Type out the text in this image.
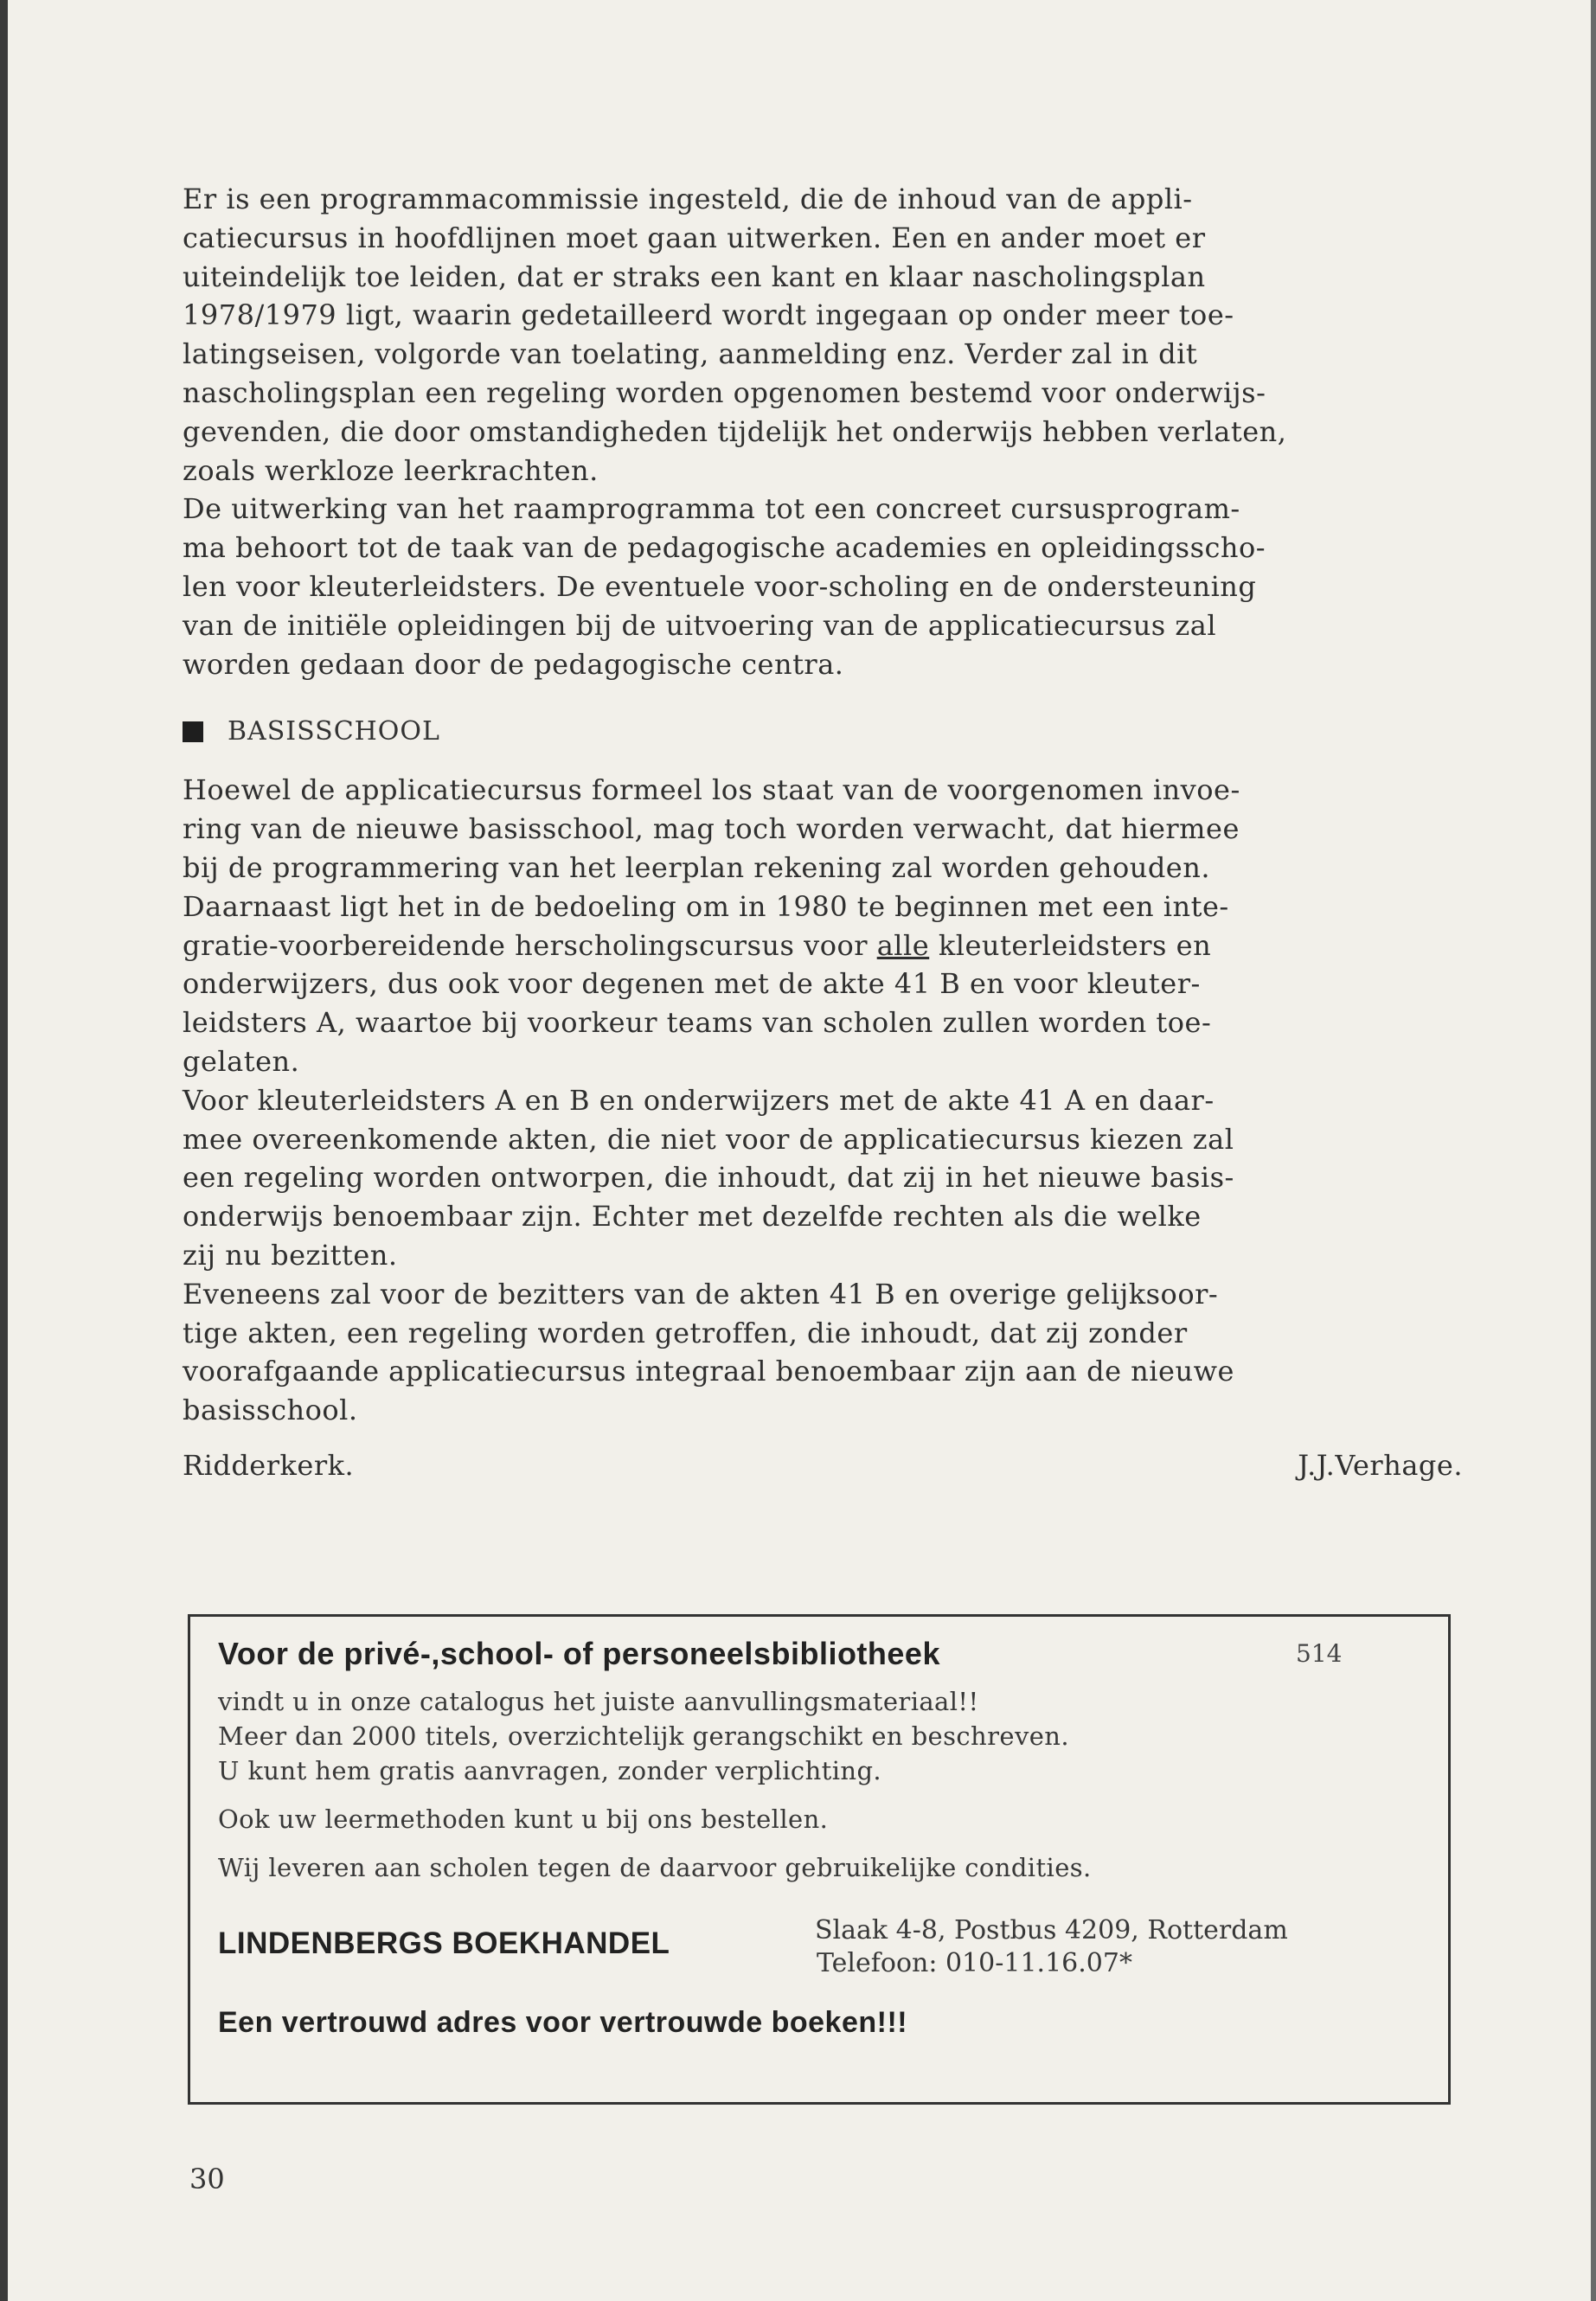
Er is een programmacommissie ingesteld, die de inhoud van de appli-
catiecursus in hoofdlijnen moet gaan uitwerken. Een en ander moet er
uiteindelijk toe leiden, dat er straks een kant en klaar nascholingsplan
1978/1979 ligt, waarin gedetailleerd wordt ingegaan op onder meer toe-
latingseisen, volgorde van toelating, aanmelding enz. Verder zal in dit
nascholingsplan een regeling worden opgenomen bestemd voor onderwijs-
gevenden, die door omstandigheden tijdelijk het onderwijs hebben verlaten,
zoals werkloze leerkrachten.

De uitwerking van het raamprogramma tot een concreet cursusprogram-
ma behoort tot de taak van de pedagogische academies en opleidingsscho-
len voor kleuterleidsters. De eventuele voor-scholing en de ondersteuning
van de initiële opleidingen bij de uitvoering van de applicatiecursus zal
worden gedaan door de pedagogische centra.

BASISSCHOOL

Hoewel de applicatiecursus formeel los staat van de voorgenomen invoe-
ring van de nieuwe basisschool, mag toch worden verwacht, dat hiermee
bij de programmering van het leerplan rekening zal worden gehouden.
Daarnaast ligt het in de bedoeling om in 1980 te beginnen met een inte-
gratie-voorbereidende herscholingscursus voor alle kleuterleidsters en
onderwijzers, dus ook voor degenen met de akte 41 B en voor kleuter-
leidsters A, waartoe bij voorkeur teams van scholen zullen worden toe-
gelaten.

Voor kleuterleidsters A en B en onderwijzers met de akte 41 A en daar-
mee overeenkomende akten, die niet voor de applicatiecursus kiezen zal
een regeling worden ontworpen, die inhoudt, dat zij in het nieuwe basis-
onderwijs benoembaar zijn. Echter met dezelfde rechten als die welke
zij nu bezitten.

Eveneens zal voor de bezitters van de akten 41 B en overige gelijksoor-
tige akten, een regeling worden getroffen, die inhoudt, dat zij zonder
voorafgaande applicatiecursus integraal benoembaar zijn aan de nieuwe
basisschool.

Ridderkerk.	J.J.Verhage.
Voor de privé-,school- of personeelsbibliotheek	514
vindt u in onze catalogus het juiste aanvullingsmateriaal!!
Meer dan 2000 titels, overzichtelijk gerangschikt en beschreven.
U kunt hem gratis aanvragen, zonder verplichting.
Ook uw leermethoden kunt u bij ons bestellen.
Wij leveren aan scholen tegen de daarvoor gebruikelijke condities.
LINDENBERGS BOEKHANDEL	Slaak 4-8, Postbus 4209, Rotterdam
Telefoon: 010-11.16.07*
Een vertrouwd adres voor vertrouwde boeken!!!
30
